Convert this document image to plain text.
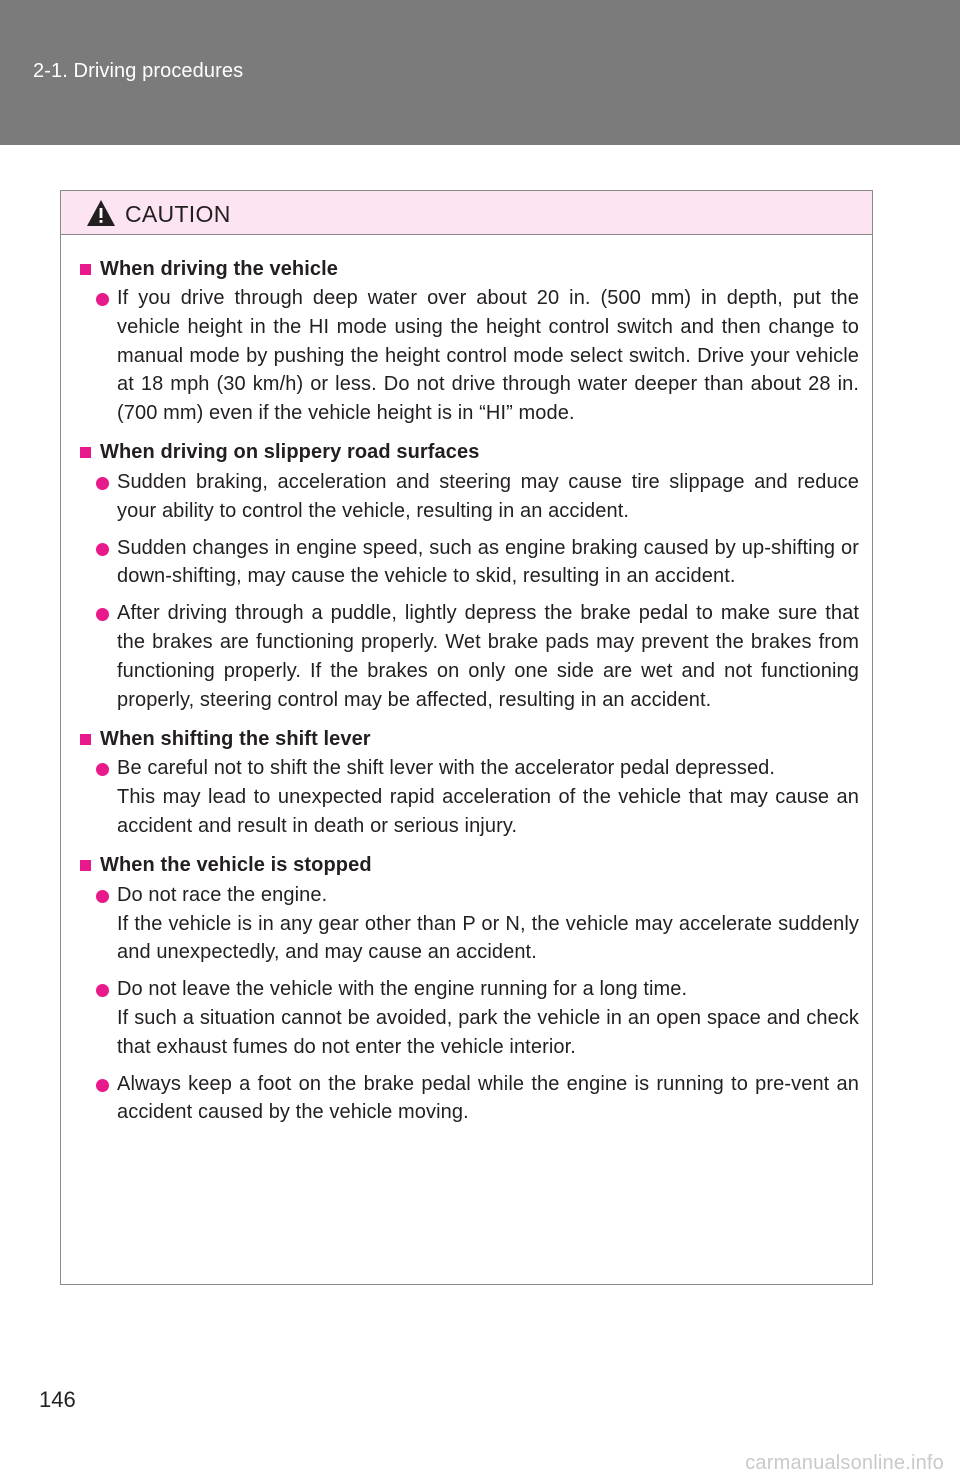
2-1. Driving procedures
CAUTION
When driving the vehicle
If you drive through deep water over about 20 in. (500 mm) in depth, put the vehicle height in the HI mode using the height control switch and then change to manual mode by pushing the height control mode select switch. Drive your vehicle at 18 mph (30 km/h) or less. Do not drive through water deeper than about 28 in. (700 mm) even if the vehicle height is in “HI” mode.
When driving on slippery road surfaces
Sudden braking, acceleration and steering may cause tire slippage and reduce your ability to control the vehicle, resulting in an accident.
Sudden changes in engine speed, such as engine braking caused by up-shifting or down-shifting, may cause the vehicle to skid, resulting in an accident.
After driving through a puddle, lightly depress the brake pedal to make sure that the brakes are functioning properly. Wet brake pads may prevent the brakes from functioning properly. If the brakes on only one side are wet and not functioning properly, steering control may be affected, resulting in an accident.
When shifting the shift lever
Be careful not to shift the shift lever with the accelerator pedal depressed.
This may lead to unexpected rapid acceleration of the vehicle that may cause an accident and result in death or serious injury.
When the vehicle is stopped
Do not race the engine.
If the vehicle is in any gear other than P or N, the vehicle may accelerate suddenly and unexpectedly, and may cause an accident.
Do not leave the vehicle with the engine running for a long time.
If such a situation cannot be avoided, park the vehicle in an open space and check that exhaust fumes do not enter the vehicle interior.
Always keep a foot on the brake pedal while the engine is running to pre-vent an accident caused by the vehicle moving.
146
carmanualsonline.info
